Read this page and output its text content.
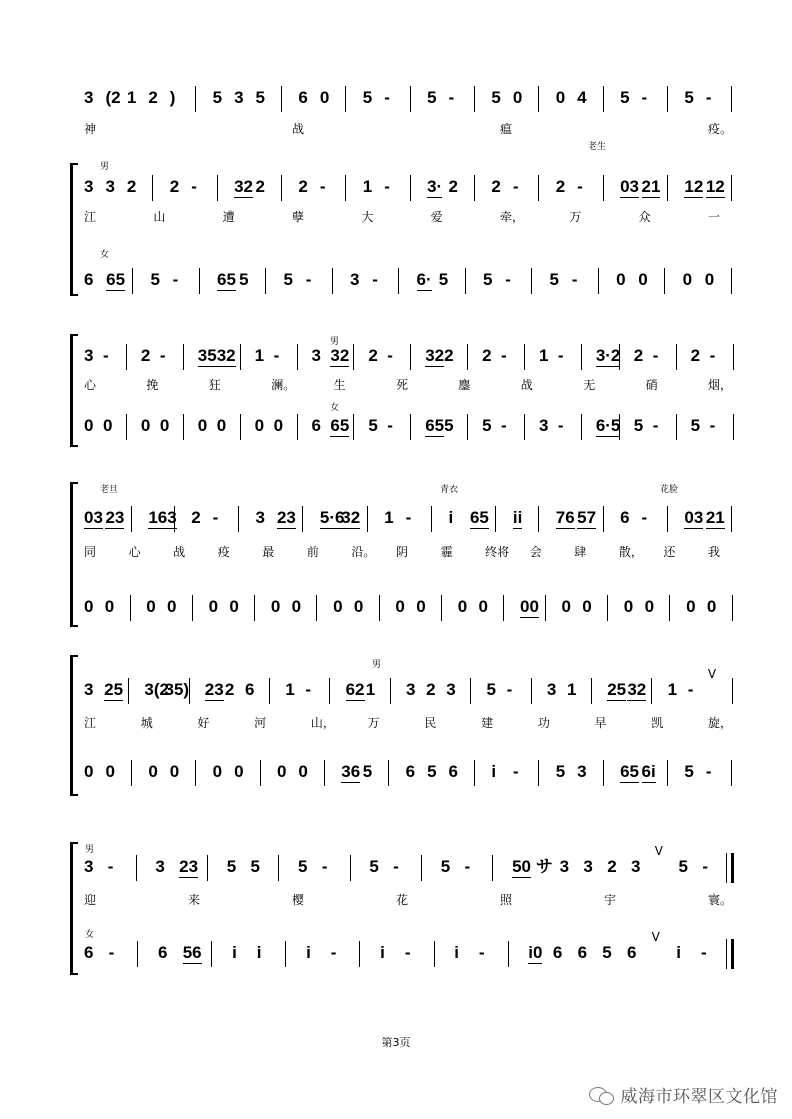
3 (2 1 2 ) 5 3 5 6 0 5 - 5 - 5 0 0 4 5 - 5 -
神	战	瘟	疫。
男
老生
3 3 2 2 - 32 2 2 - 1 - 3· 2 2 - 2 - 03 21 12 12
江	山	遭	孽	大	爱	牵，	万	众	一
女
6 65 5 - 65 5 5 - 3 - 6· 5 5 - 5 - 0 0 0 0
男
3 - 2 - 35 32 1 - 3 32 2 - 32 2 2 - 1 - 3·2 2 - 2 -
心	挽	狂	澜。	生	死	鏖	战	无	硝	烟，
女
0 0 0 0 0 0 0 0 6 65 5 - 65 5 5 - 3 - 6·5 5 - 5 -
老旦	青衣	花脸
03 23 163 2 - 3 23 5·6
32 1 - i 65 ii 76 57 6 - 03 21
同	心	战	疫	最	前	沿。 阴	霾	终将 会	肆	散， 还	我
0 0 0 0 0 0 0 0 0 0 0 0 0 0 00 0 0 0 0 0 0
男
3 25 3(2
35) 23 2 6 1 - 62 1 3 2 3 5 - 3 1 25 32 1 -
V
江	城	好	河	山，	万	民	建	功	早	凯	旋，
0 0 0 0 0 0 0 0 36 5 6 5 6 i - 5 3 65 6i 5 -
男
3 - 3 23 5 5 5 - 5 - 5 - 50 サ 3 3 2 3
V
5 -
迎	来	樱	花	照	宇	寰。
女
6 -	6 56 i i	i -	i -	i -	i0 6 6 5 6
V
i -
第3页
威海市环翠区文化馆
